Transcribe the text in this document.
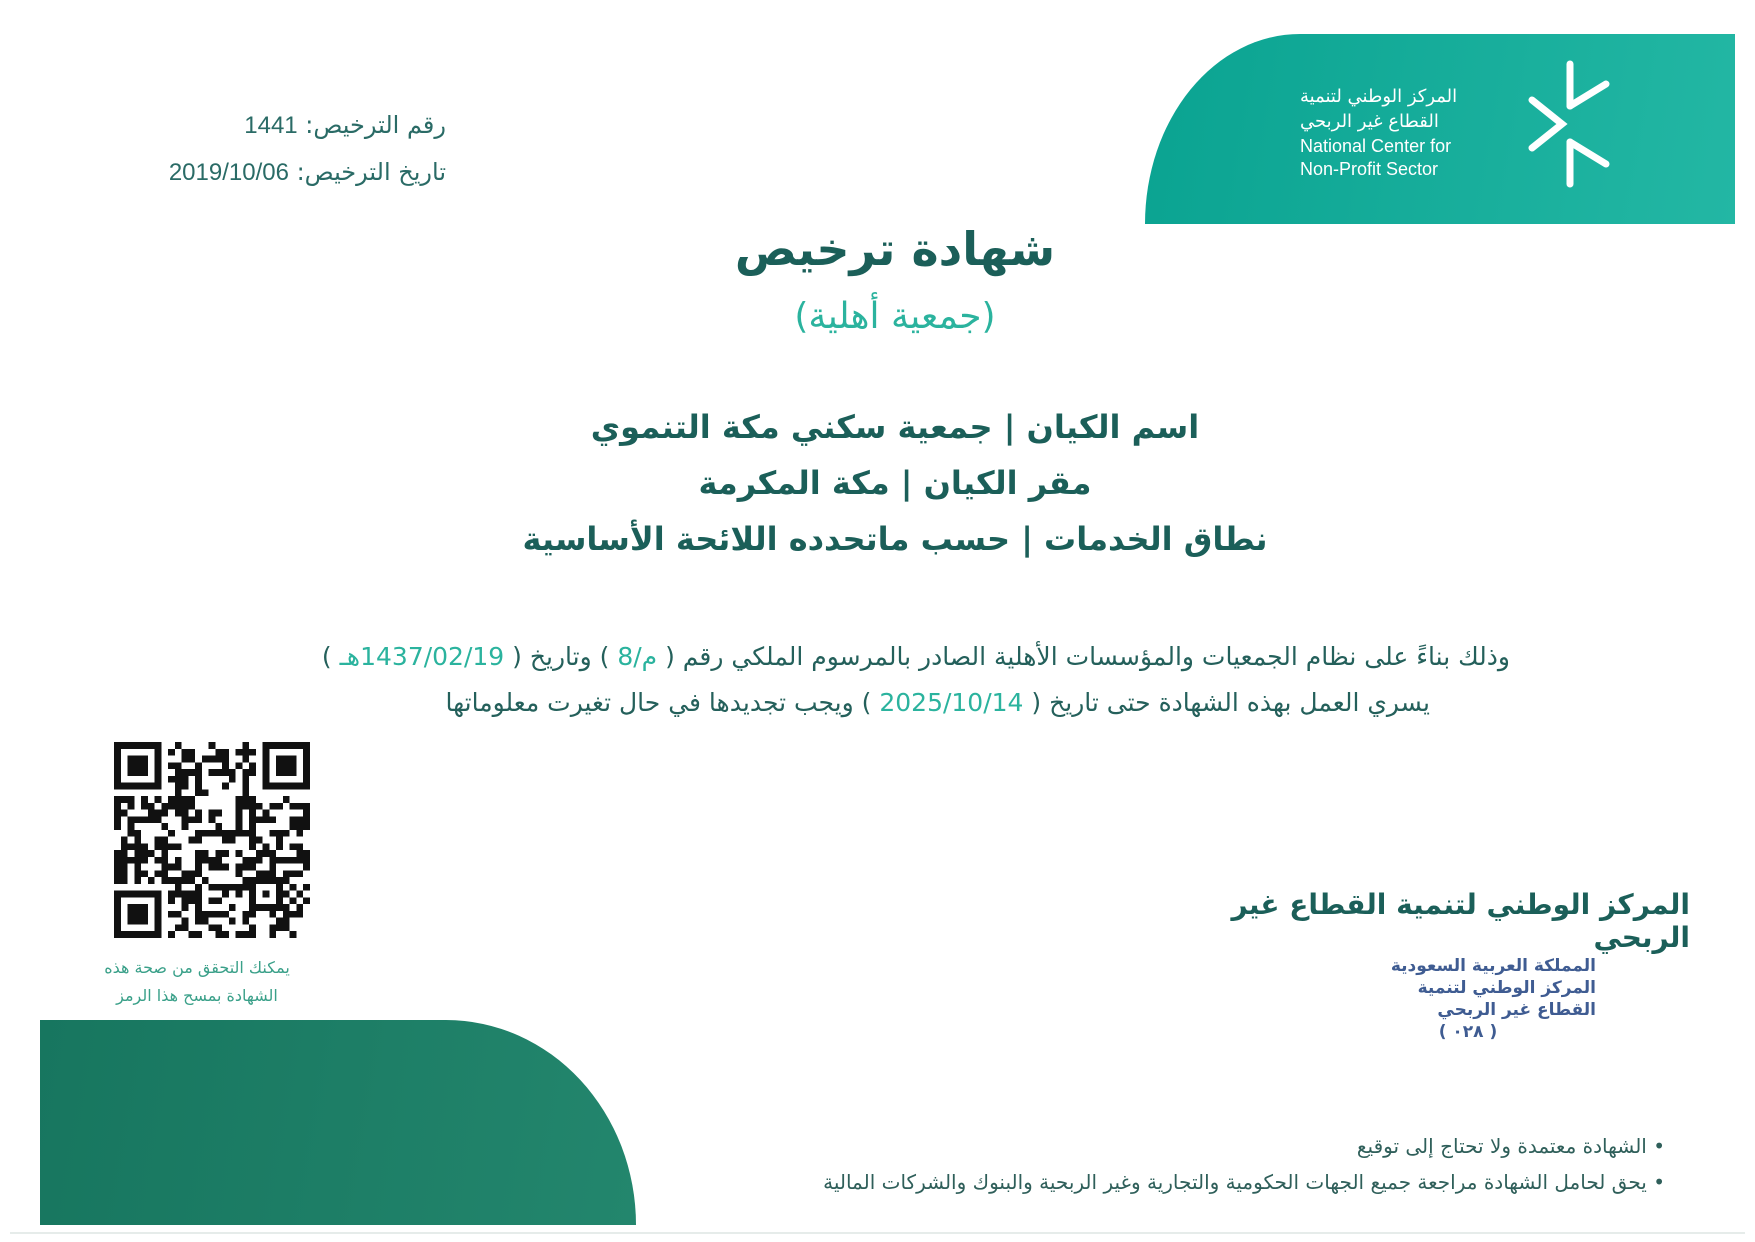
المركز الوطني لتنمية
القطاع غير الربحي
National Center for
Non-Profit Sector
رقم الترخيص: 1441
تاريخ الترخيص: 2019/10/06
شهادة ترخيص
(جمعية أهلية)
اسم الكيان | جمعية سكني مكة التنموي
مقر الكيان | مكة المكرمة
نطاق الخدمات | حسب ماتحدده اللائحة الأساسية
وذلك بناءً على نظام الجمعيات والمؤسسات الأهلية الصادر بالمرسوم الملكي رقم ( م/8 ) وتاريخ ( 1437/02/19هـ )
يسري العمل بهذه الشهادة حتى تاريخ ( 2025/10/14 ) ويجب تجديدها في حال تغيرت معلوماتها
يمكنك التحقق من صحة هذه
الشهادة بمسح هذا الرمز
المركز الوطني لتنمية القطاع غير الربحي
المملكة العربية السعودية
المركز الوطني لتنمية
القطاع غير الربحي
( ٠٢٨ )
• الشهادة معتمدة ولا تحتاج إلى توقيع
• يحق لحامل الشهادة مراجعة جميع الجهات الحكومية والتجارية وغير الربحية والبنوك والشركات المالية
